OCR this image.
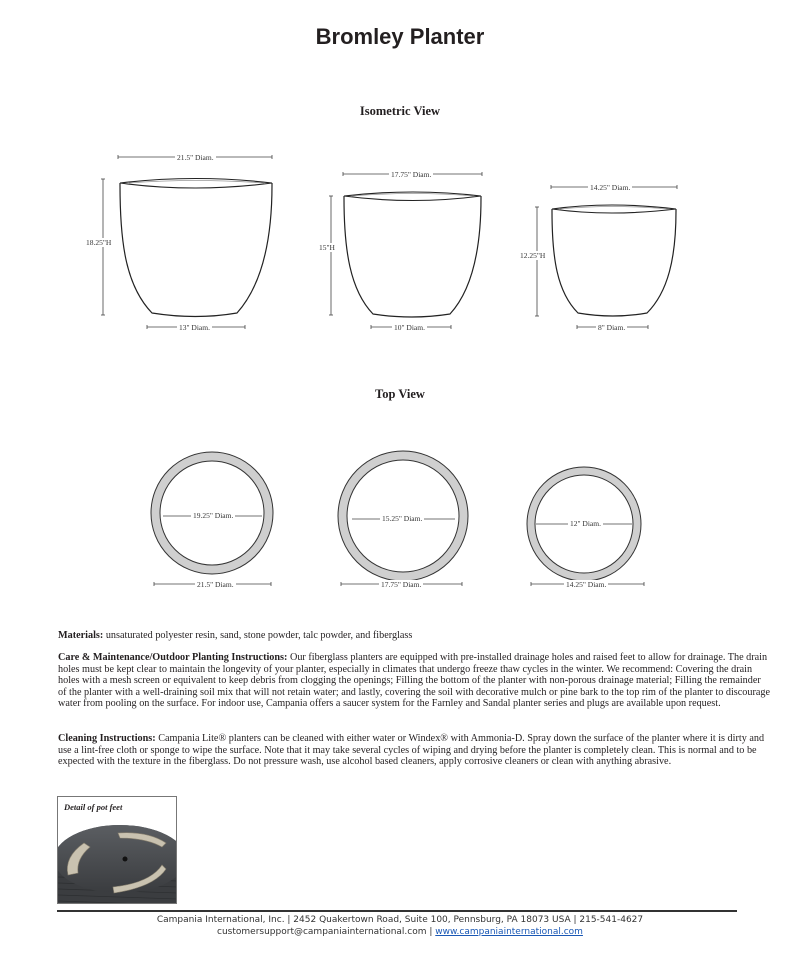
Bromley Planter
Isometric View
21.5" Diam.
18.25"H
13" Diam.
17.75" Diam.
15"H
10" Diam.
14.25" Diam.
12.25"H
8" Diam.
Top View
19.25" Diam.
21.5" Diam.
15.25" Diam.
17.75" Diam.
12" Diam.
14.25" Diam.
Materials: unsaturated polyester resin, sand, stone powder, talc powder, and fiberglass
Care & Maintenance/Outdoor Planting Instructions: Our fiberglass planters are equipped with pre-installed drainage holes and raised feet to allow for drainage. The drain holes must be kept clear to maintain the longevity of your planter, especially in climates that undergo freeze thaw cycles in the winter. We recommend: Covering the drain holes with a mesh screen or equivalent to keep debris from clogging the openings; Filling the bottom of the planter with non-porous drainage material; Filling the remainder of the planter with a well-draining soil mix that will not retain water; and lastly, covering the soil with decorative mulch or pine bark to the top rim of the planter to discourage water from pooling on the surface. For indoor use, Campania offers a saucer system for the Farnley and Sandal planter series and plugs are available upon request.
Cleaning Instructions: Campania Lite® planters can be cleaned with either water or Windex® with Ammonia-D. Spray down the surface of the planter where it is dirty and use a lint-free cloth or sponge to wipe the surface. Note that it may take several cycles of wiping and drying before the planter is completely clean. This is normal and to be expected with the texture in the fiberglass. Do not pressure wash, use alcohol based cleaners, apply corrosive cleaners or clean with anything abrasive.
Detail of pot feet
Campania International, Inc. | 2452 Quakertown Road, Suite 100, Pennsburg, PA 18073 USA | 215-541-4627
customersupport@campaniainternational.com | www.campaniainternational.com
